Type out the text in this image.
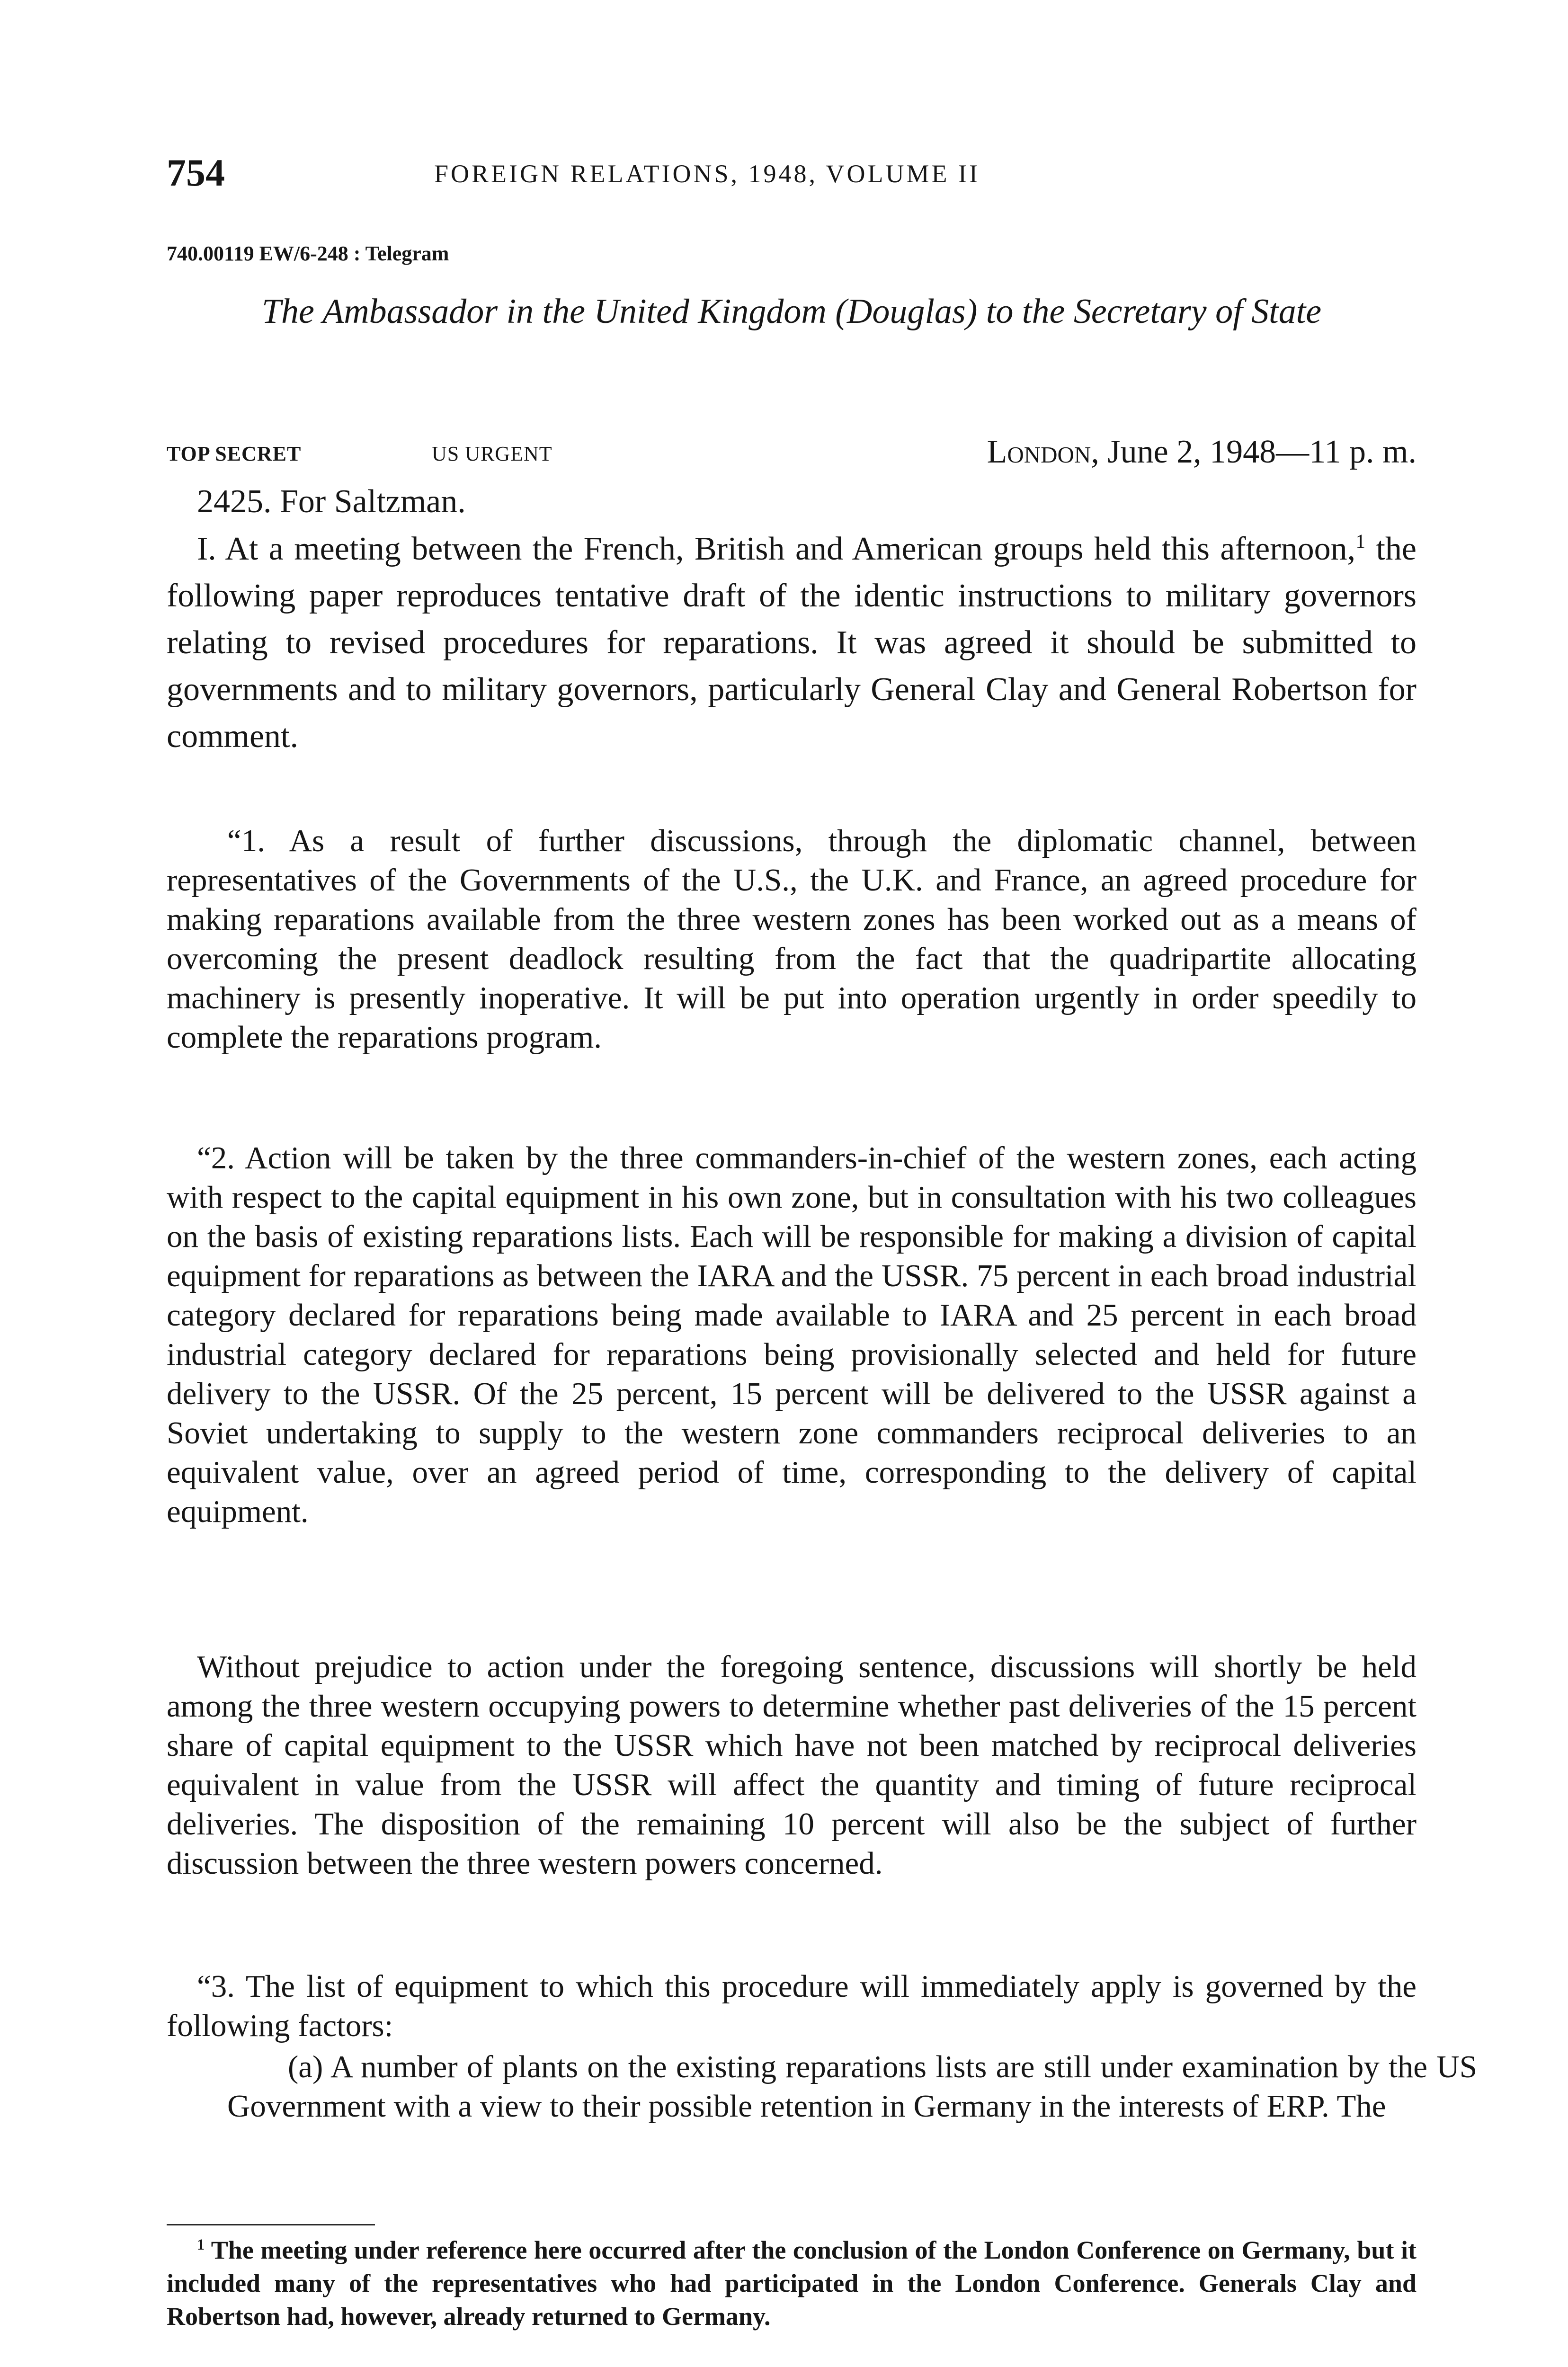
754	FOREIGN RELATIONS, 1948, VOLUME II
740.00119 EW/6-248 : Telegram
The Ambassador in the United Kingdom (Douglas) to the Secretary of State
TOP SECRET	US URGENT	London, June 2, 1948—11 p. m.
2425. For Saltzman.

I. At a meeting between the French, British and American groups held this afternoon,$^1$ the following paper reproduces tentative draft of the identic instructions to military governors relating to revised procedures for reparations. It was agreed it should be submitted to governments and to military governors, particularly General Clay and General Robertson for comment.

“1. As a result of further discussions, through the diplomatic channel, between representatives of the Governments of the U.S., the U.K. and France, an agreed procedure for making reparations available from the three western zones has been worked out as a means of overcoming the present deadlock resulting from the fact that the quadripartite allocating machinery is presently inoperative. It will be put into operation urgently in order speedily to complete the reparations program.

“2. Action will be taken by the three commanders-in-chief of the western zones, each acting with respect to the capital equipment in his own zone, but in consultation with his two colleagues on the basis of existing reparations lists. Each will be responsible for making a division of capital equipment for reparations as between the IARA and the USSR. 75 percent in each broad industrial category declared for reparations being made available to IARA and 25 percent in each broad industrial category declared for reparations being provisionally selected and held for future delivery to the USSR. Of the 25 percent, 15 percent will be delivered to the USSR against a Soviet undertaking to supply to the western zone commanders reciprocal deliveries to an equivalent value, over an agreed period of time, corresponding to the delivery of capital equipment.

Without prejudice to action under the foregoing sentence, discussions will shortly be held among the three western occupying powers to determine whether past deliveries of the 15 percent share of capital equipment to the USSR which have not been matched by reciprocal deliveries equivalent in value from the USSR will affect the quantity and timing of future reciprocal deliveries. The disposition of the remaining 10 percent will also be the subject of further discussion between the three western powers concerned.

“3. The list of equipment to which this procedure will immediately apply is governed by the following factors:

(a) A number of plants on the existing reparations lists are still under examination by the US Government with a view to their possible retention in Germany in the interests of ERP. The

$^1$ The meeting under reference here occurred after the conclusion of the London Conference on Germany, but it included many of the representatives who had participated in the London Conference. Generals Clay and Robertson had, however, already returned to Germany.
